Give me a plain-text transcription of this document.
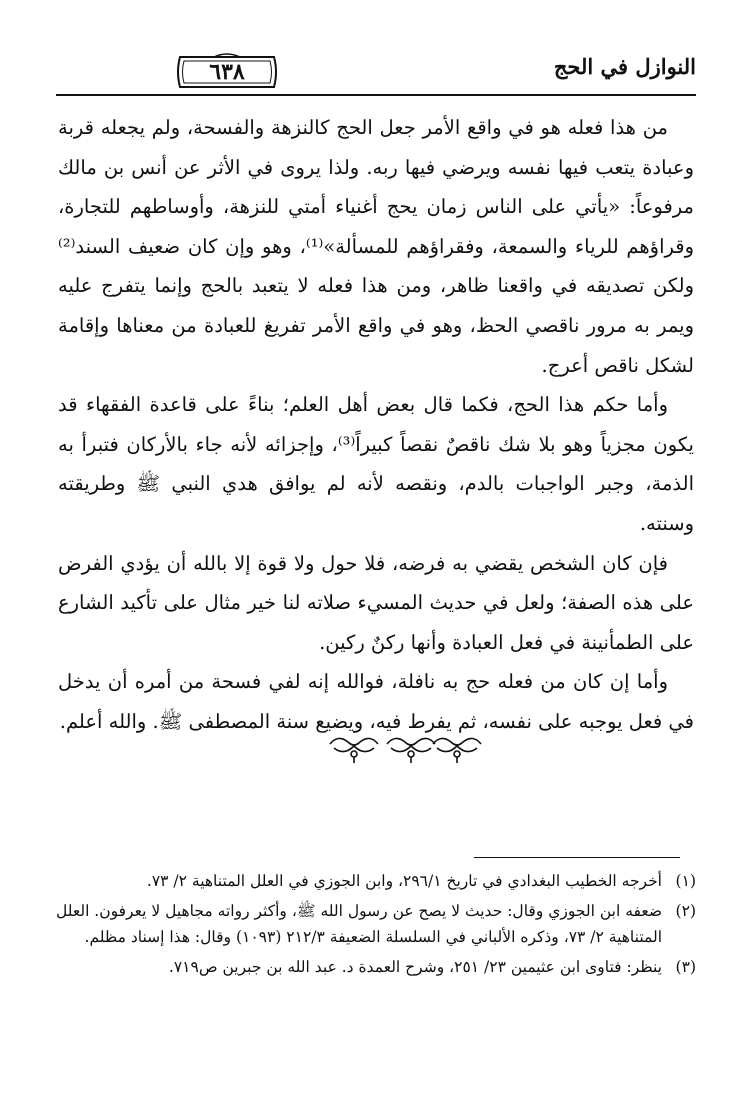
النوازل في الحج
٦٣٨

من هذا فعله هو في واقع الأمر جعل الحج كالنزهة والفسحة، ولم يجعله قربة وعبادة يتعب فيها نفسه ويرضي فيها ربه. ولذا يروى في الأثر عن أنس بن مالك مرفوعاً: «يأتي على الناس زمان يحج أغنياء أمتي للنزهة، وأوساطهم للتجارة، وقراؤهم للرياء والسمعة، وفقراؤهم للمسألة»⁽¹⁾، وهو وإن كان ضعيف السند⁽²⁾ ولكن تصديقه في واقعنا ظاهر، ومن هذا فعله لا يتعبد بالحج وإنما يتفرج عليه ويمر به مرور ناقصي الحظ، وهو في واقع الأمر تفريغ للعبادة من معناها وإقامة لشكل ناقص أعرج.

وأما حكم هذا الحج، فكما قال بعض أهل العلم؛ بناءً على قاعدة الفقهاء قد يكون مجزياً وهو بلا شك ناقصٌ نقصاً كبيراً⁽³⁾، وإجزائه لأنه جاء بالأركان فتبرأ به الذمة، وجبر الواجبات بالدم، ونقصه لأنه لم يوافق هدي النبي ﷺ وطريقته وسنته.

فإن كان الشخص يقضي به فرضه، فلا حول ولا قوة إلا بالله أن يؤدي الفرض على هذه الصفة؛ ولعل في حديث المسيء صلاته لنا خير مثال على تأكيد الشارع على الطمأنينة في فعل العبادة وأنها ركنٌ ركين.

وأما إن كان من فعله حج به نافلة، فوالله إنه لفي فسحة من أمره أن يدخل في فعل يوجبه على نفسه، ثم يفرط فيه، ويضيع سنة المصطفى ﷺ. والله أعلم.

(١)
أخرجه الخطيب البغدادي في تاريخ ٢٩٦/١، وابن الجوزي في العلل المتناهية ٢/ ٧٣.
(٢)
ضعفه ابن الجوزي وقال: حديث لا يصح عن رسول الله ﷺ، وأكثر رواته مجاهيل لا يعرفون. العلل المتناهية ٢/ ٧٣، وذكره الألباني في السلسلة الضعيفة ٢١٢/٣ (١٠٩٣) وقال: هذا إسناد مظلم.
(٣)
ينظر: فتاوى ابن عثيمين ٢٣/ ٢٥١، وشرح العمدة د. عبد الله بن جبرين ص٧١٩.
